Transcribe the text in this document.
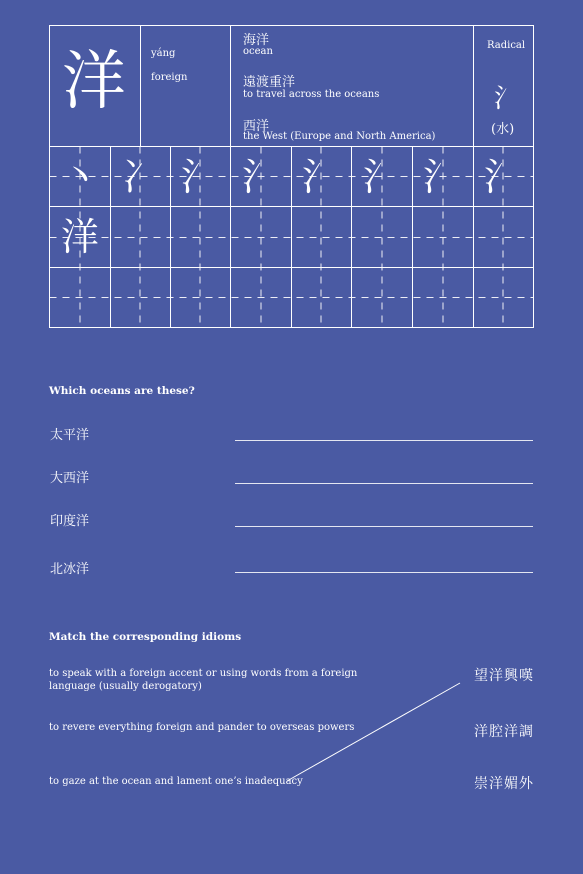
洋	yáng
foreign
海洋
ocean
遠渡重洋
to travel across the oceans
西洋
the West (Europe and North America)
Radical
氵
(水)
丶 冫 氵 氵 氵 氵 氵 氵
洋
Which oceans are these?
太平洋
大西洋
印度洋
北冰洋
Match the corresponding idioms
to speak with a foreign accent or using words from a foreign language (usually derogatory)
to revere everything foreign and pander to overseas powers
to gaze at the ocean and lament one’s inadequacy
望洋興嘆
洋腔洋調
崇洋媚外
